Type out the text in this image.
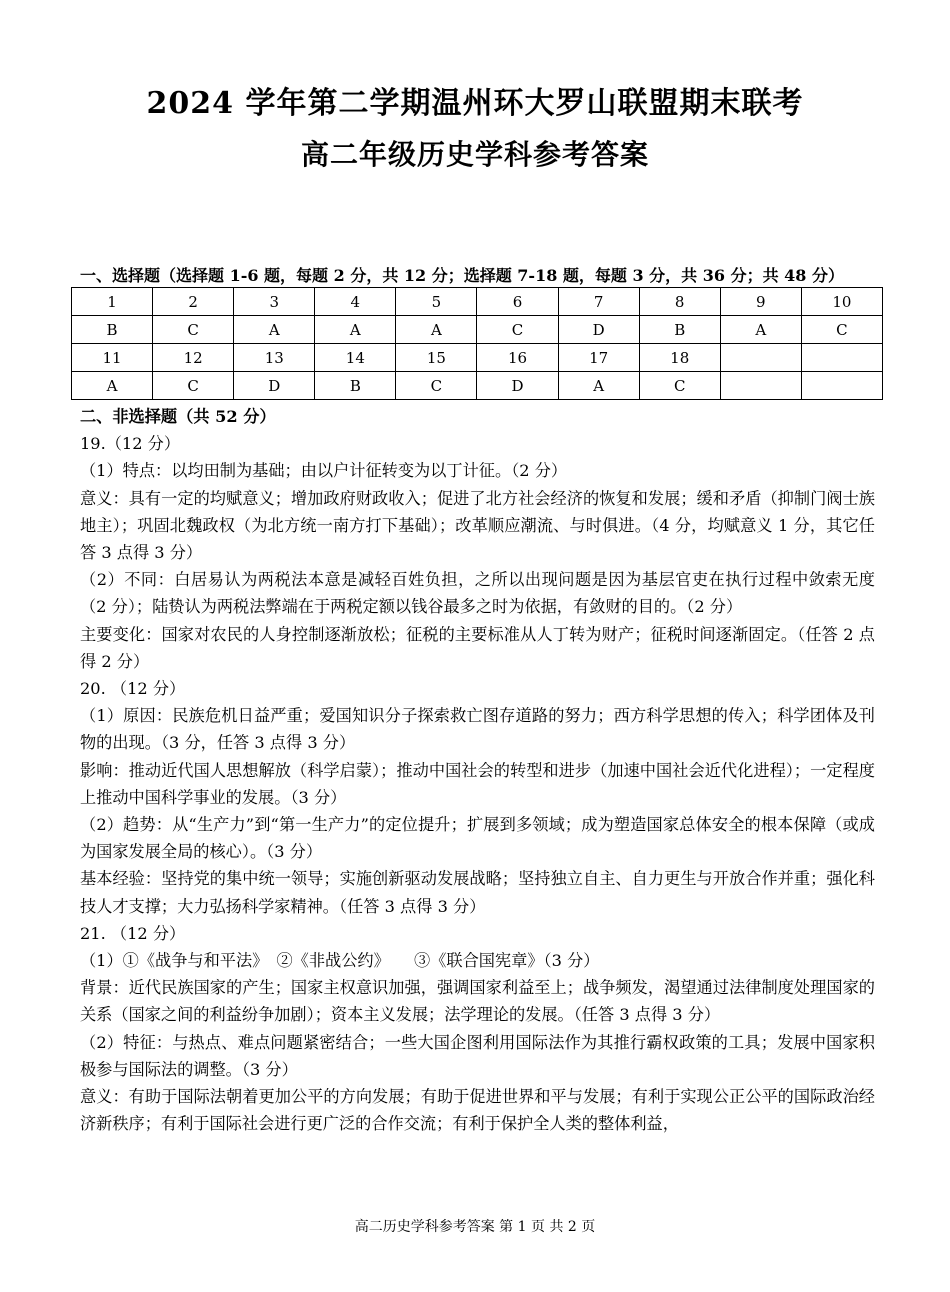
2024 学年第二学期温州环大罗山联盟期末联考
高二年级历史学科参考答案
一、选择题（选择题 1-6 题，每题 2 分，共 12 分；选择题 7-18 题，每题 3 分，共 36 分；共 48 分）
1	2	3	4	5	6	7	8	9	10
B	C	A	A	A	C	D	B	A	C
11	12	13	14	15	16	17	18		
A	C	D	B	C	D	A	C		

二、非选择题（共 52 分）

19.（12 分）

（1）特点：以均田制为基础；由以户计征转变为以丁计征。（2 分）

意义：具有一定的均赋意义；增加政府财政收入；促进了北方社会经济的恢复和发展；缓和矛盾（抑制门阀士族地主）；巩固北魏政权（为北方统一南方打下基础）；改革顺应潮流、与时俱进。（4 分，均赋意义 1 分，其它任答 3 点得 3 分）

（2）不同：白居易认为两税法本意是减轻百姓负担，之所以出现问题是因为基层官吏在执行过程中敛索无度（2 分）；陆贽认为两税法弊端在于两税定额以钱谷最多之时为依据，有敛财的目的。（2 分）

主要变化：国家对农民的人身控制逐渐放松；征税的主要标准从人丁转为财产；征税时间逐渐固定。（任答 2 点得 2 分）

20. （12 分）

（1）原因：民族危机日益严重；爱国知识分子探索救亡图存道路的努力；西方科学思想的传入；科学团体及刊物的出现。（3 分，任答 3 点得 3 分）

影响：推动近代国人思想解放（科学启蒙）；推动中国社会的转型和进步（加速中国社会近代化进程）；一定程度上推动中国科学事业的发展。（3 分）

（2）趋势：从“生产力”到“第一生产力”的定位提升；扩展到多领域；成为塑造国家总体安全的根本保障（或成为国家发展全局的核心）。（3 分）

基本经验：坚持党的集中统一领导；实施创新驱动发展战略；坚持独立自主、自力更生与开放合作并重；强化科技人才支撑；大力弘扬科学家精神。（任答 3 点得 3 分）

21. （12 分）

（1）①《战争与和平法》　②《非战公约》　　③《联合国宪章》（3 分）

背景：近代民族国家的产生；国家主权意识加强，强调国家利益至上；战争频发，渴望通过法律制度处理国家的关系（国家之间的利益纷争加剧）；资本主义发展；法学理论的发展。（任答 3 点得 3 分）

（2）特征：与热点、难点问题紧密结合；一些大国企图利用国际法作为其推行霸权政策的工具；发展中国家积极参与国际法的调整。（3 分）

意义：有助于国际法朝着更加公平的方向发展；有助于促进世界和平与发展；有利于实现公正公平的国际政治经济新秩序；有利于国际社会进行更广泛的合作交流；有利于保护全人类的整体利益，

高二历史学科参考答案 第 1 页 共 2 页
